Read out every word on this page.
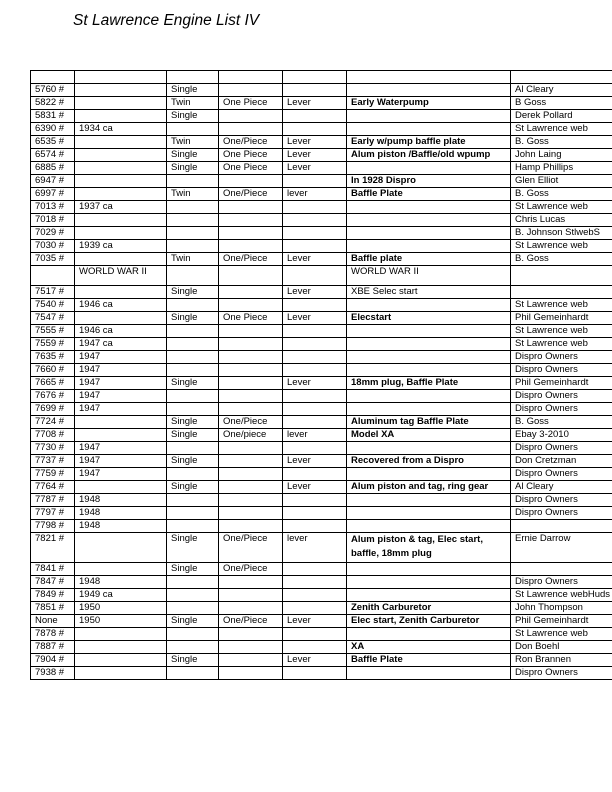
St Lawrence Engine List IV

5760 #		Single				Al Cleary
5822 #		Twin	One Piece	Lever	Early Waterpump	B Goss
5831 #		Single				Derek Pollard
6390 #	1934 ca					St Lawrence web
6535 #		Twin	One/Piece	Lever	Early w/pump baffle plate	B. Goss
6574 #		Single	One Piece	Lever	Alum piston /Baffle/old wpump	John Laing
6885 #		Single	One Piece	Lever		Hamp Phillips
6947 #					In 1928 Dispro	Glen Elliot
6997 #		Twin	One/Piece	lever	Baffle Plate	B. Goss
7013 #	1937 ca					St Lawrence web
7018 #						Chris Lucas
7029 #						B. Johnson StlwebS
7030 #	1939 ca					St Lawrence web
7035 #		Twin	One/Piece	Lever	Baffle plate	B. Goss
	WORLD WAR II				WORLD WAR II	
7517 #		Single		Lever	XBE Selec start	
7540 #	1946 ca					St Lawrence web
7547 #		Single	One Piece	Lever	Elecstart	Phil Gemeinhardt
7555 #	1946 ca					St Lawrence web
7559 #	1947 ca					St Lawrence web
7635 #	1947					Dispro Owners
7660 #	1947					Dispro Owners
7665 #	1947	Single		Lever	18mm plug, Baffle Plate	Phil Gemeinhardt
7676 #	1947					Dispro Owners
7699 #	1947					Dispro Owners
7724 #		Single	One/Piece		Aluminum tag Baffle Plate	B. Goss
7708 #		Single	One/piece	lever	Model XA	Ebay 3-2010
7730 #	1947					Dispro Owners
7737 #	1947	Single		Lever	Recovered from a Dispro	Don Cretzman
7759 #	1947					Dispro Owners
7764 #		Single		Lever	Alum piston and tag, ring gear	Al Cleary
7787 #	1948					Dispro Owners
7797 #	1948					Dispro Owners
7798 #	1948					
7821 #		Single	One/Piece	lever	Alum piston & tag, Elec start, baffle, 18mm plug	Ernie Darrow
7841 #		Single	One/Piece			
7847 #	1948					Dispro Owners
7849 #	1949 ca					St Lawrence webHuds
7851 #	1950				Zenith Carburetor	John Thompson
None	1950	Single	One/Piece	Lever	Elec start, Zenith Carburetor	Phil Gemeinhardt
7878 #						St Lawrence web
7887 #					XA	Don Boehl
7904 #		Single		Lever	Baffle Plate	Ron Brannen
7938 #						Dispro Owners
